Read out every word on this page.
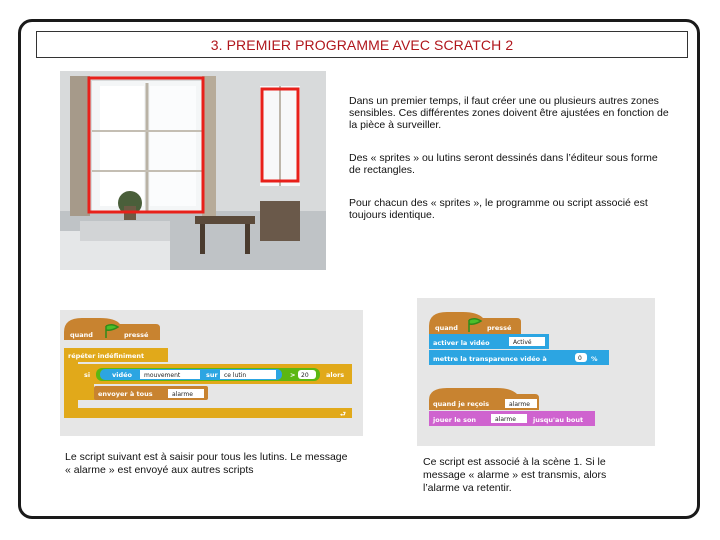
3. PREMIER PROGRAMME AVEC SCRATCH 2

Dans un premier temps, il faut créer une ou plusieurs autres zones sensibles. Ces différentes zones doivent être ajustées en fonction de la pièce à surveiller.

Des « sprites » ou lutins seront dessinés dans l’éditeur sous forme de rectangles.

Pour chacun des « sprites », le programme ou script associé est toujours identique.

quand	pressé
répéter indéfiniment
si	vidéo mouvement	sur ce lutin	> 20	alors
envoyer à tous	alarme
⮐
quand	pressé
activer la vidéo	Activé
mettre la transparence vidéo à	0 %
quand je reçois	alarme
jouer le son	alarme	jusqu'au bout

Le script suivant est à saisir pour tous les lutins. Le message « alarme » est envoyé aux autres scripts

Ce script est associé à la scène 1. Si le message « alarme » est transmis, alors l’alarme va retentir.
